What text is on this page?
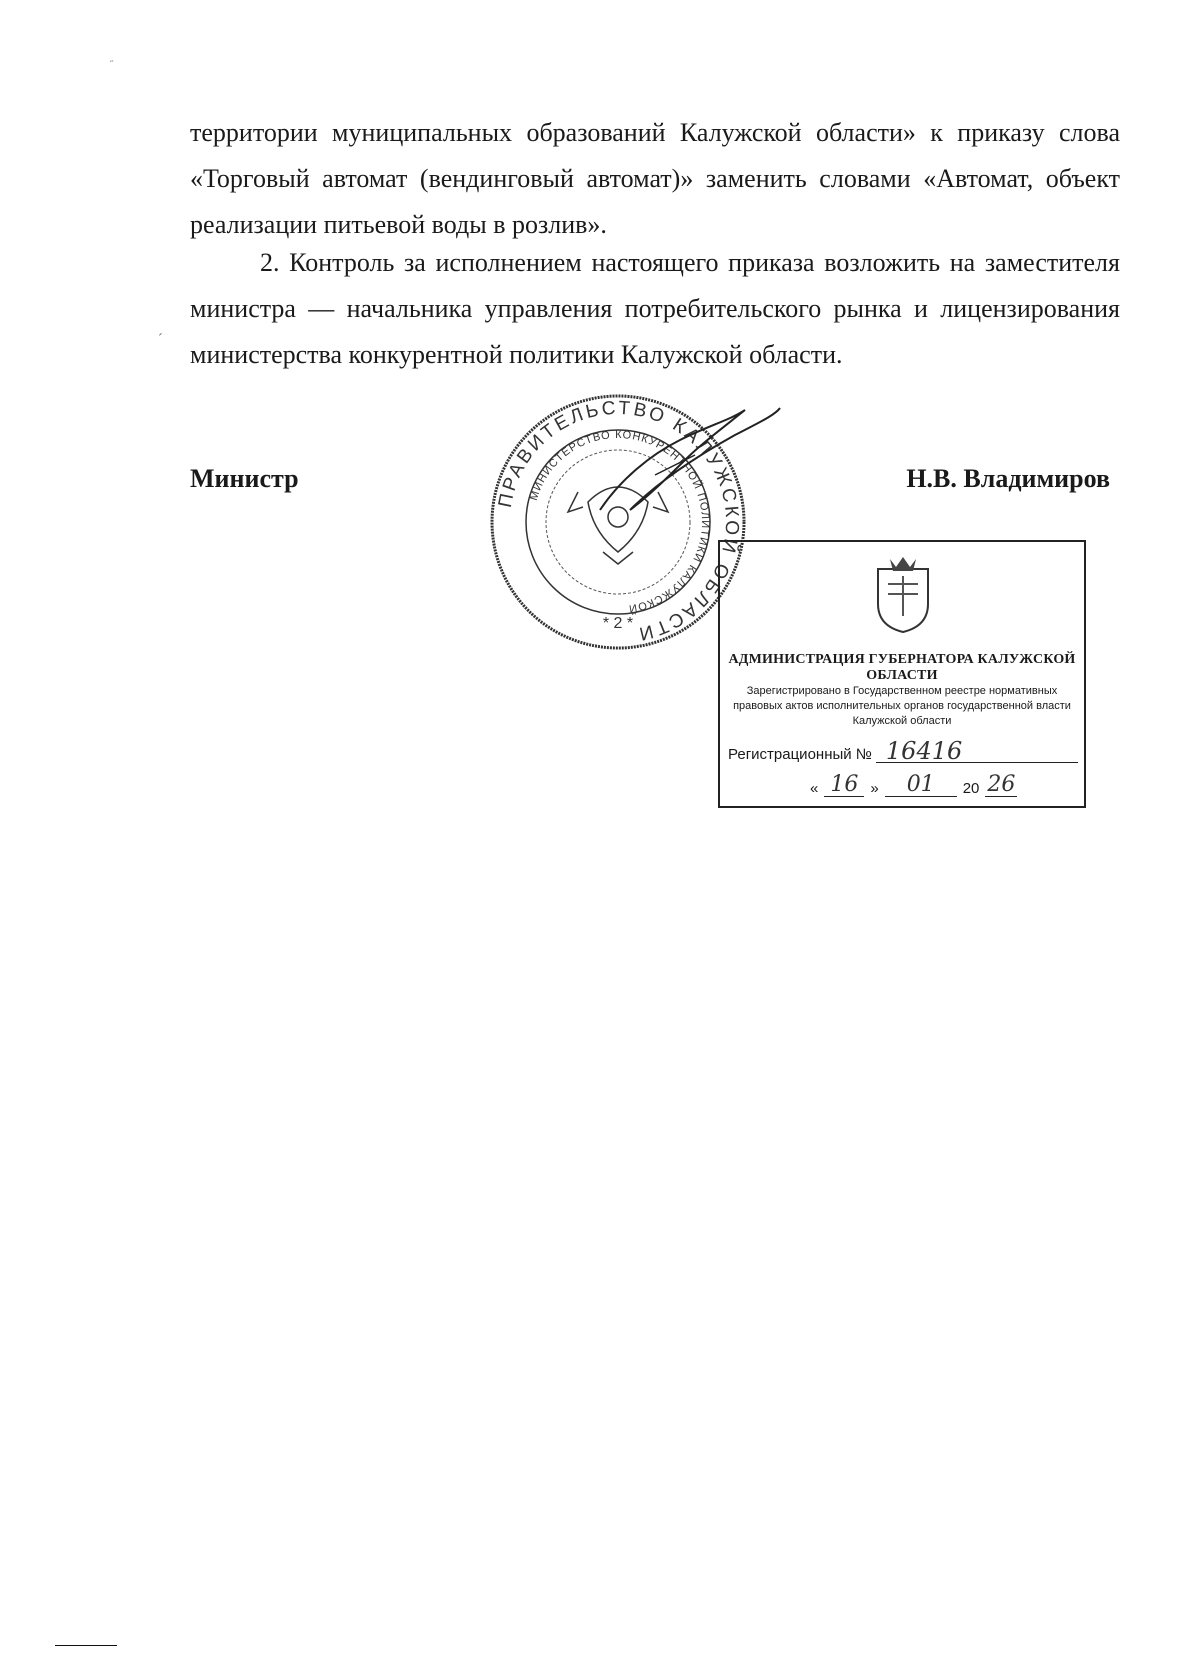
˝

территории муниципальных образований Калужской области» к приказу слова «Торговый автомат (вендинговый автомат)» заменить словами «Автомат, объект реализации питьевой воды в розлив».

2. Контроль за исполнением настоящего приказа возложить на заместителя министра — начальника управления потребительского рынка и лицензирования министерства конкурентной политики Калужской области.

ˊ

Министр	Н.В. Владимиров

ПРАВИТЕЛЬСТВО КАЛУЖСКОЙ ОБЛАСТИ
МИНИСТЕРСТВО КОНКУРЕНТНОЙ ПОЛИТИКИ КАЛУЖСКОЙ
* 2 *
АДМИНИСТРАЦИЯ ГУБЕРНАТОРА КАЛУЖСКОЙ ОБЛАСТИ
Зарегистрировано в Государственном реестре нормативных правовых актов исполнительных органов государственной власти Калужской области
Регистрационный № 16416
« 16 »	01	20 26
